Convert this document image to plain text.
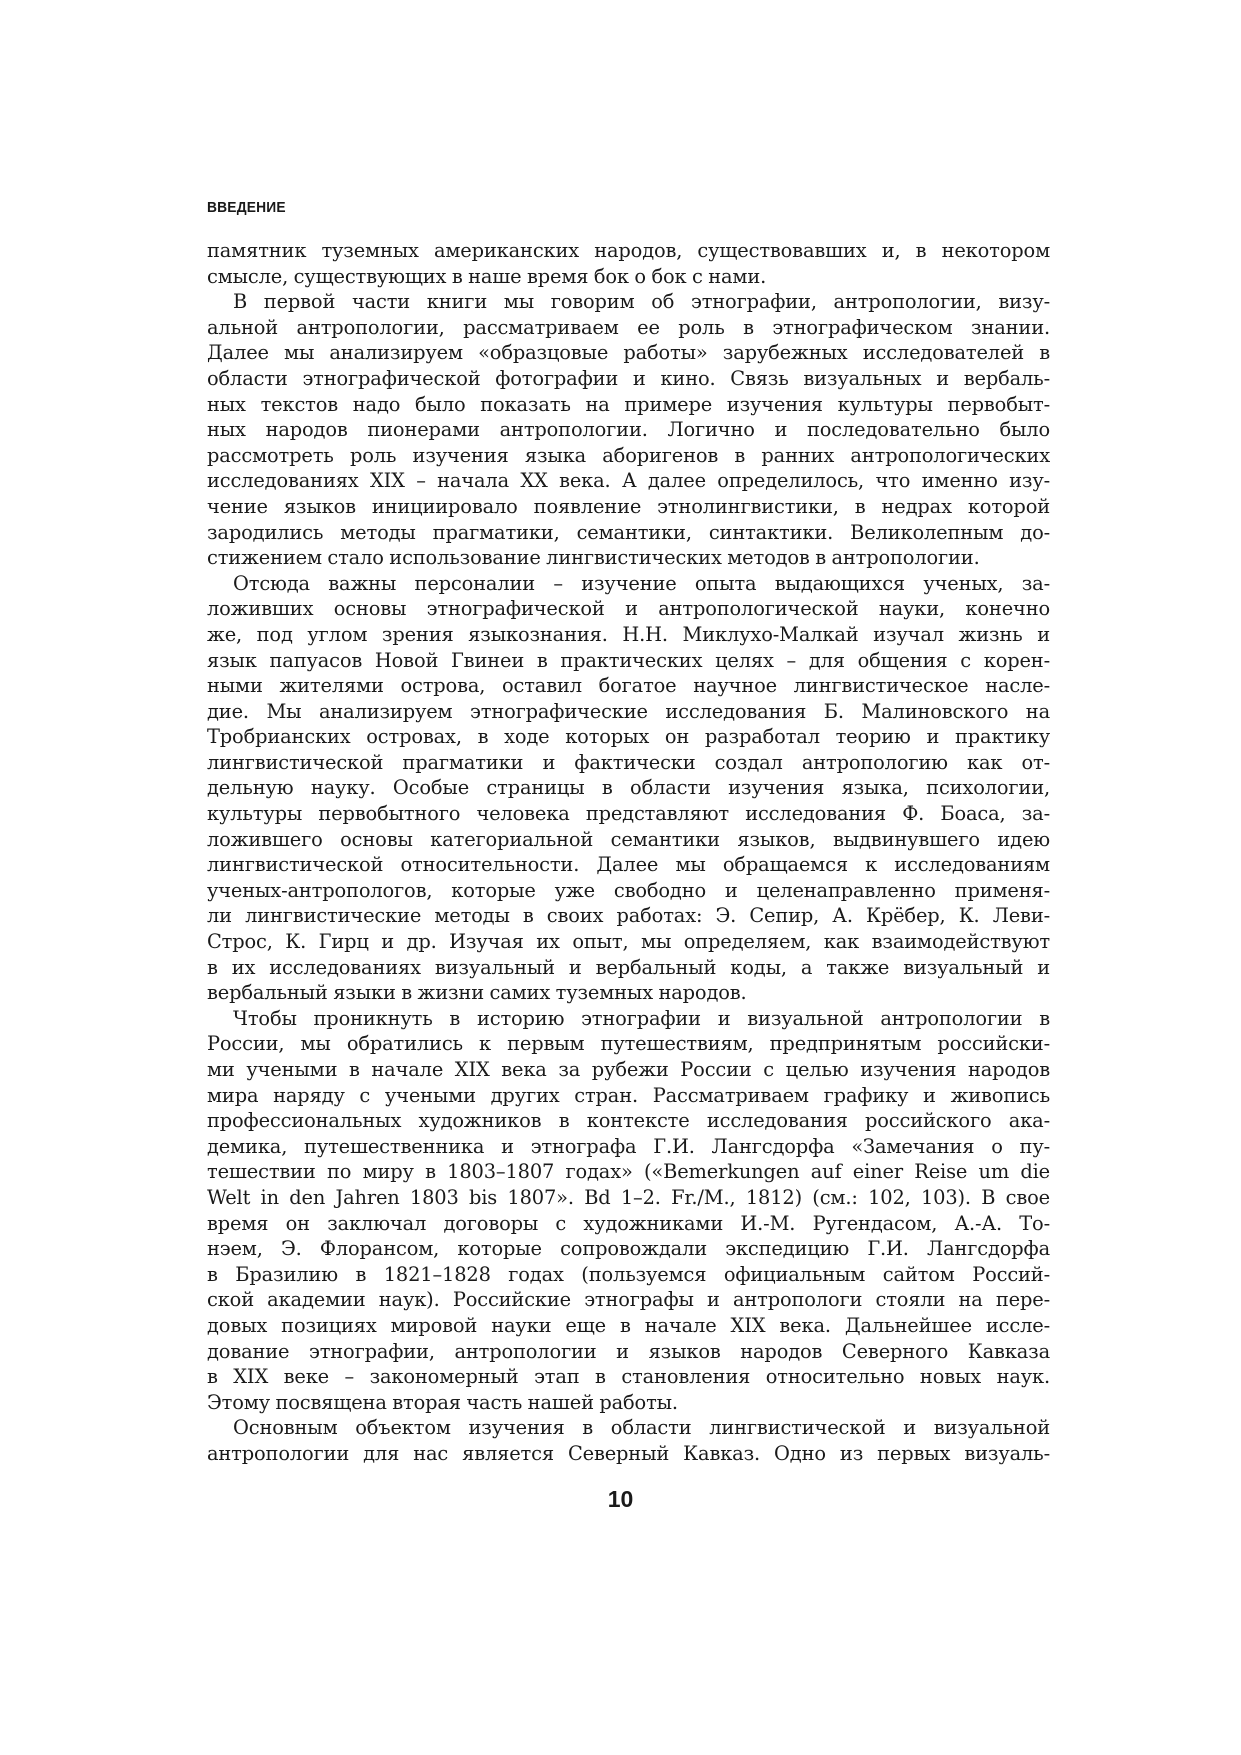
ВВЕДЕНИЕ
памятник туземных американских народов, существовавших и, в некотором
смысле, существующих в наше время бок о бок с нами.
В первой части книги мы говорим об этнографии, антропологии, визу-
альной антропологии, рассматриваем ее роль в этнографическом знании.
Далее мы анализируем «образцовые работы» зарубежных исследователей в
области этнографической фотографии и кино. Связь визуальных и вербаль-
ных текстов надо было показать на примере изучения культуры первобыт-
ных народов пионерами антропологии. Логично и последовательно было
рассмотреть роль изучения языка аборигенов в ранних антропологических
исследованиях XIX – начала XX века. А далее определилось, что именно изу-
чение языков инициировало появление этнолингвистики, в недрах которой
зародились методы прагматики, семантики, синтактики. Великолепным до-
стижением стало использование лингвистических методов в антропологии.
Отсюда важны персоналии – изучение опыта выдающихся ученых, за-
ложивших основы этнографической и антропологической науки, конечно
же, под углом зрения языкознания. Н.Н. Миклухо-Малкай изучал жизнь и
язык папуасов Новой Гвинеи в практических целях – для общения с корен-
ными жителями острова, оставил богатое научное лингвистическое насле-
дие. Мы анализируем этнографические исследования Б. Малиновского на
Тробрианских островах, в ходе которых он разработал теорию и практику
лингвистической прагматики и фактически создал антропологию как от-
дельную науку. Особые страницы в области изучения языка, психологии,
культуры первобытного человека представляют исследования Ф. Боаса, за-
ложившего основы категориальной семантики языков, выдвинувшего идею
лингвистической относительности. Далее мы обращаемся к исследованиям
ученых-антропологов, которые уже свободно и целенаправленно применя-
ли лингвистические методы в своих работах: Э. Сепир, А. Крёбер, К. Леви-
Строс, К. Гирц и др. Изучая их опыт, мы определяем, как взаимодействуют
в их исследованиях визуальный и вербальный коды, а также визуальный и
вербальный языки в жизни самих туземных народов.
Чтобы проникнуть в историю этнографии и визуальной антропологии в
России, мы обратились к первым путешествиям, предпринятым российски-
ми учеными в начале XIX века за рубежи России с целью изучения народов
мира наряду с учеными других стран. Рассматриваем графику и живопись
профессиональных художников в контексте исследования российского ака-
демика, путешественника и этнографа Г.И. Лангсдорфа «Замечания о пу-
тешествии по миру в 1803–1807 годах» («Bemerkungen auf einer Reise um die
Welt in den Jahren 1803 bis 1807». Bd 1–2. Fr./M., 1812) (см.: 102, 103). В свое
время он заключал договоры с художниками И.-М. Ругендасом, А.-А. То-
нэем, Э. Флорансом, которые сопровождали экспедицию Г.И. Лангсдорфа
в Бразилию в 1821–1828 годах (пользуемся официальным сайтом Россий-
ской академии наук). Российские этнографы и антропологи стояли на пере-
довых позициях мировой науки еще в начале XIX века. Дальнейшее иссле-
дование этнографии, антропологии и языков народов Северного Кавказа
в XIX веке – закономерный этап в становления относительно новых наук.
Этому посвящена вторая часть нашей работы.
Основным объектом изучения в области лингвистической и визуальной
антропологии для нас является Северный Кавказ. Одно из первых визуаль-
10
